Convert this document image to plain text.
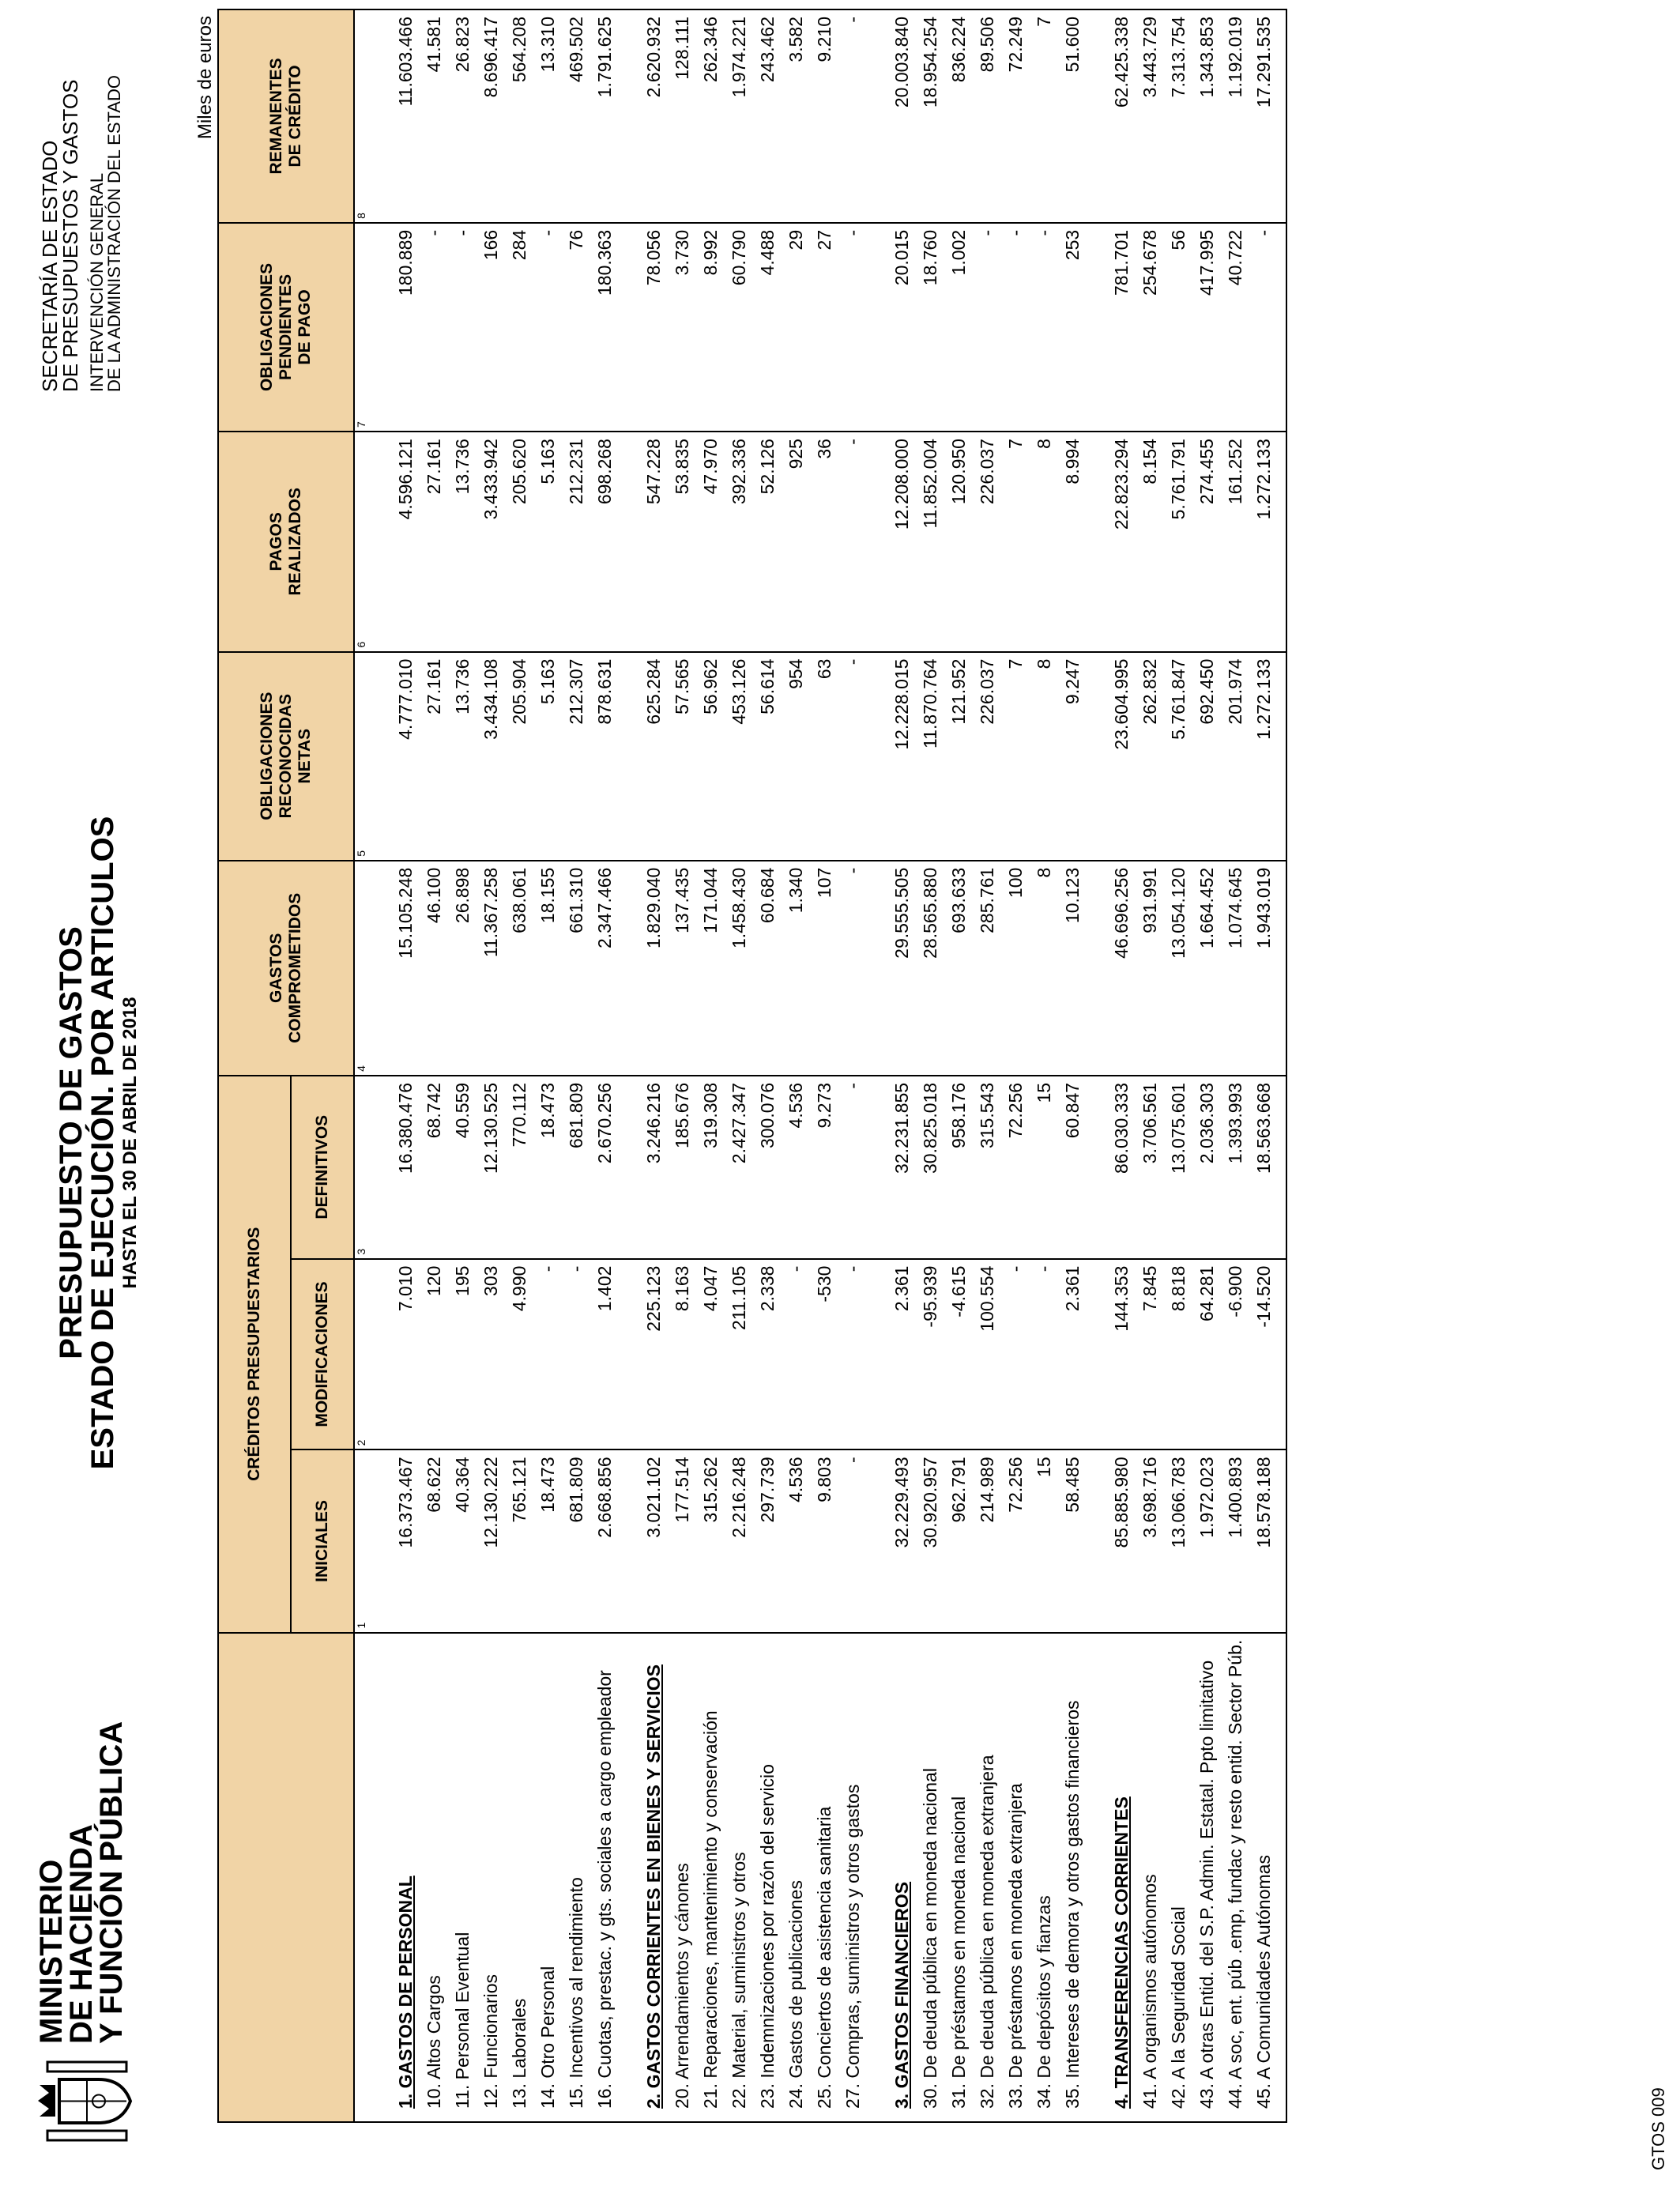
MINISTERIO
DE HACIENDA
Y FUNCIÓN PÚBLICA
PRESUPUESTO DE GASTOS
ESTADO DE EJECUCIÓN. POR ARTICULOS HASTA EL 30 DE ABRIL DE 2018
SECRETARÍA DE ESTADO
DE PRESUPUESTOS Y GASTOS INTERVENCIÓN GENERAL
DE LA ADMINISTRACIÓN DEL ESTADO	Miles de euros
	CRÉDITOS PRESUPUESTARIOS			GASTOS COMPROMETIDOS	OBLIGACIONES RECONOCIDAS NETAS	PAGOS REALIZADOS	OBLIGACIONES PENDIENTES DE PAGO	REMANENTES DE CRÉDITO
	INICIALES	MODIFICACIONES	DEFINITIVOS					
	1	2	3	4	5	6	7	8
1. GASTOS DE PERSONAL	16.373.467	7.010	16.380.476	15.105.248	4.777.010	4.596.121	180.889	11.603.466
10. Altos Cargos	68.622	120	68.742	46.100	27.161	27.161	-	41.581
11. Personal Eventual	40.364	195	40.559	26.898	13.736	13.736	-	26.823
12. Funcionarios	12.130.222	303	12.130.525	11.367.258	3.434.108	3.433.942	166	8.696.417
13. Laborales	765.121	4.990	770.112	638.061	205.904	205.620	284	564.208
14. Otro Personal	18.473	-	18.473	18.155	5.163	5.163	-	13.310
15. Incentivos al rendimiento	681.809	-	681.809	661.310	212.307	212.231	76	469.502
16. Cuotas, prestac. y gts. sociales a cargo empleador	2.668.856	1.402	2.670.256	2.347.466	878.631	698.268	180.363	1.791.625
2. GASTOS CORRIENTES EN BIENES Y SERVICIOS	3.021.102	225.123	3.246.216	1.829.040	625.284	547.228	78.056	2.620.932
20. Arrendamientos y cánones	177.514	8.163	185.676	137.435	57.565	53.835	3.730	128.111
21. Reparaciones, mantenimiento y conservación	315.262	4.047	319.308	171.044	56.962	47.970	8.992	262.346
22. Material, suministros y otros	2.216.248	211.105	2.427.347	1.458.430	453.126	392.336	60.790	1.974.221
23. Indemnizaciones por razón del servicio	297.739	2.338	300.076	60.684	56.614	52.126	4.488	243.462
24. Gastos de publicaciones	4.536	-	4.536	1.340	954	925	29	3.582
25. Conciertos de asistencia sanitaria	9.803	-530	9.273	107	63	36	27	9.210
27. Compras, suministros y otros gastos	-	-	-	-	-	-	-	-
3. GASTOS FINANCIEROS	32.229.493	2.361	32.231.855	29.555.505	12.228.015	12.208.000	20.015	20.003.840
30. De deuda pública en moneda nacional	30.920.957	-95.939	30.825.018	28.565.880	11.870.764	11.852.004	18.760	18.954.254
31. De préstamos en moneda nacional	962.791	-4.615	958.176	693.633	121.952	120.950	1.002	836.224
32. De deuda pública en moneda extranjera	214.989	100.554	315.543	285.761	226.037	226.037	-	89.506
33. De préstamos en moneda extranjera	72.256	-	72.256	100	7	7	-	72.249
34. De depósitos y fianzas	15	-	15	8	8	8	-	7
35. Intereses de demora y otros gastos financieros	58.485	2.361	60.847	10.123	9.247	8.994	253	51.600
4. TRANSFERENCIAS CORRIENTES	85.885.980	144.353	86.030.333	46.696.256	23.604.995	22.823.294	781.701	62.425.338
41. A organismos autónomos	3.698.716	7.845	3.706.561	931.991	262.832	8.154	254.678	3.443.729
42. A la Seguridad Social	13.066.783	8.818	13.075.601	13.054.120	5.761.847	5.761.791	56	7.313.754
43. A otras Entid. del S.P. Admin. Estatal. Ppto limitativo	1.972.023	64.281	2.036.303	1.664.452	692.450	274.455	417.995	1.343.853
44. A soc, ent. púb .emp, fundac y resto entid. Sector Púb.	1.400.893	-6.900	1.393.993	1.074.645	201.974	161.252	40.722	1.192.019
45. A Comunidades Autónomas	18.578.188	-14.520	18.563.668	1.943.019	1.272.133	1.272.133	-	17.291.535
GTOS 009
